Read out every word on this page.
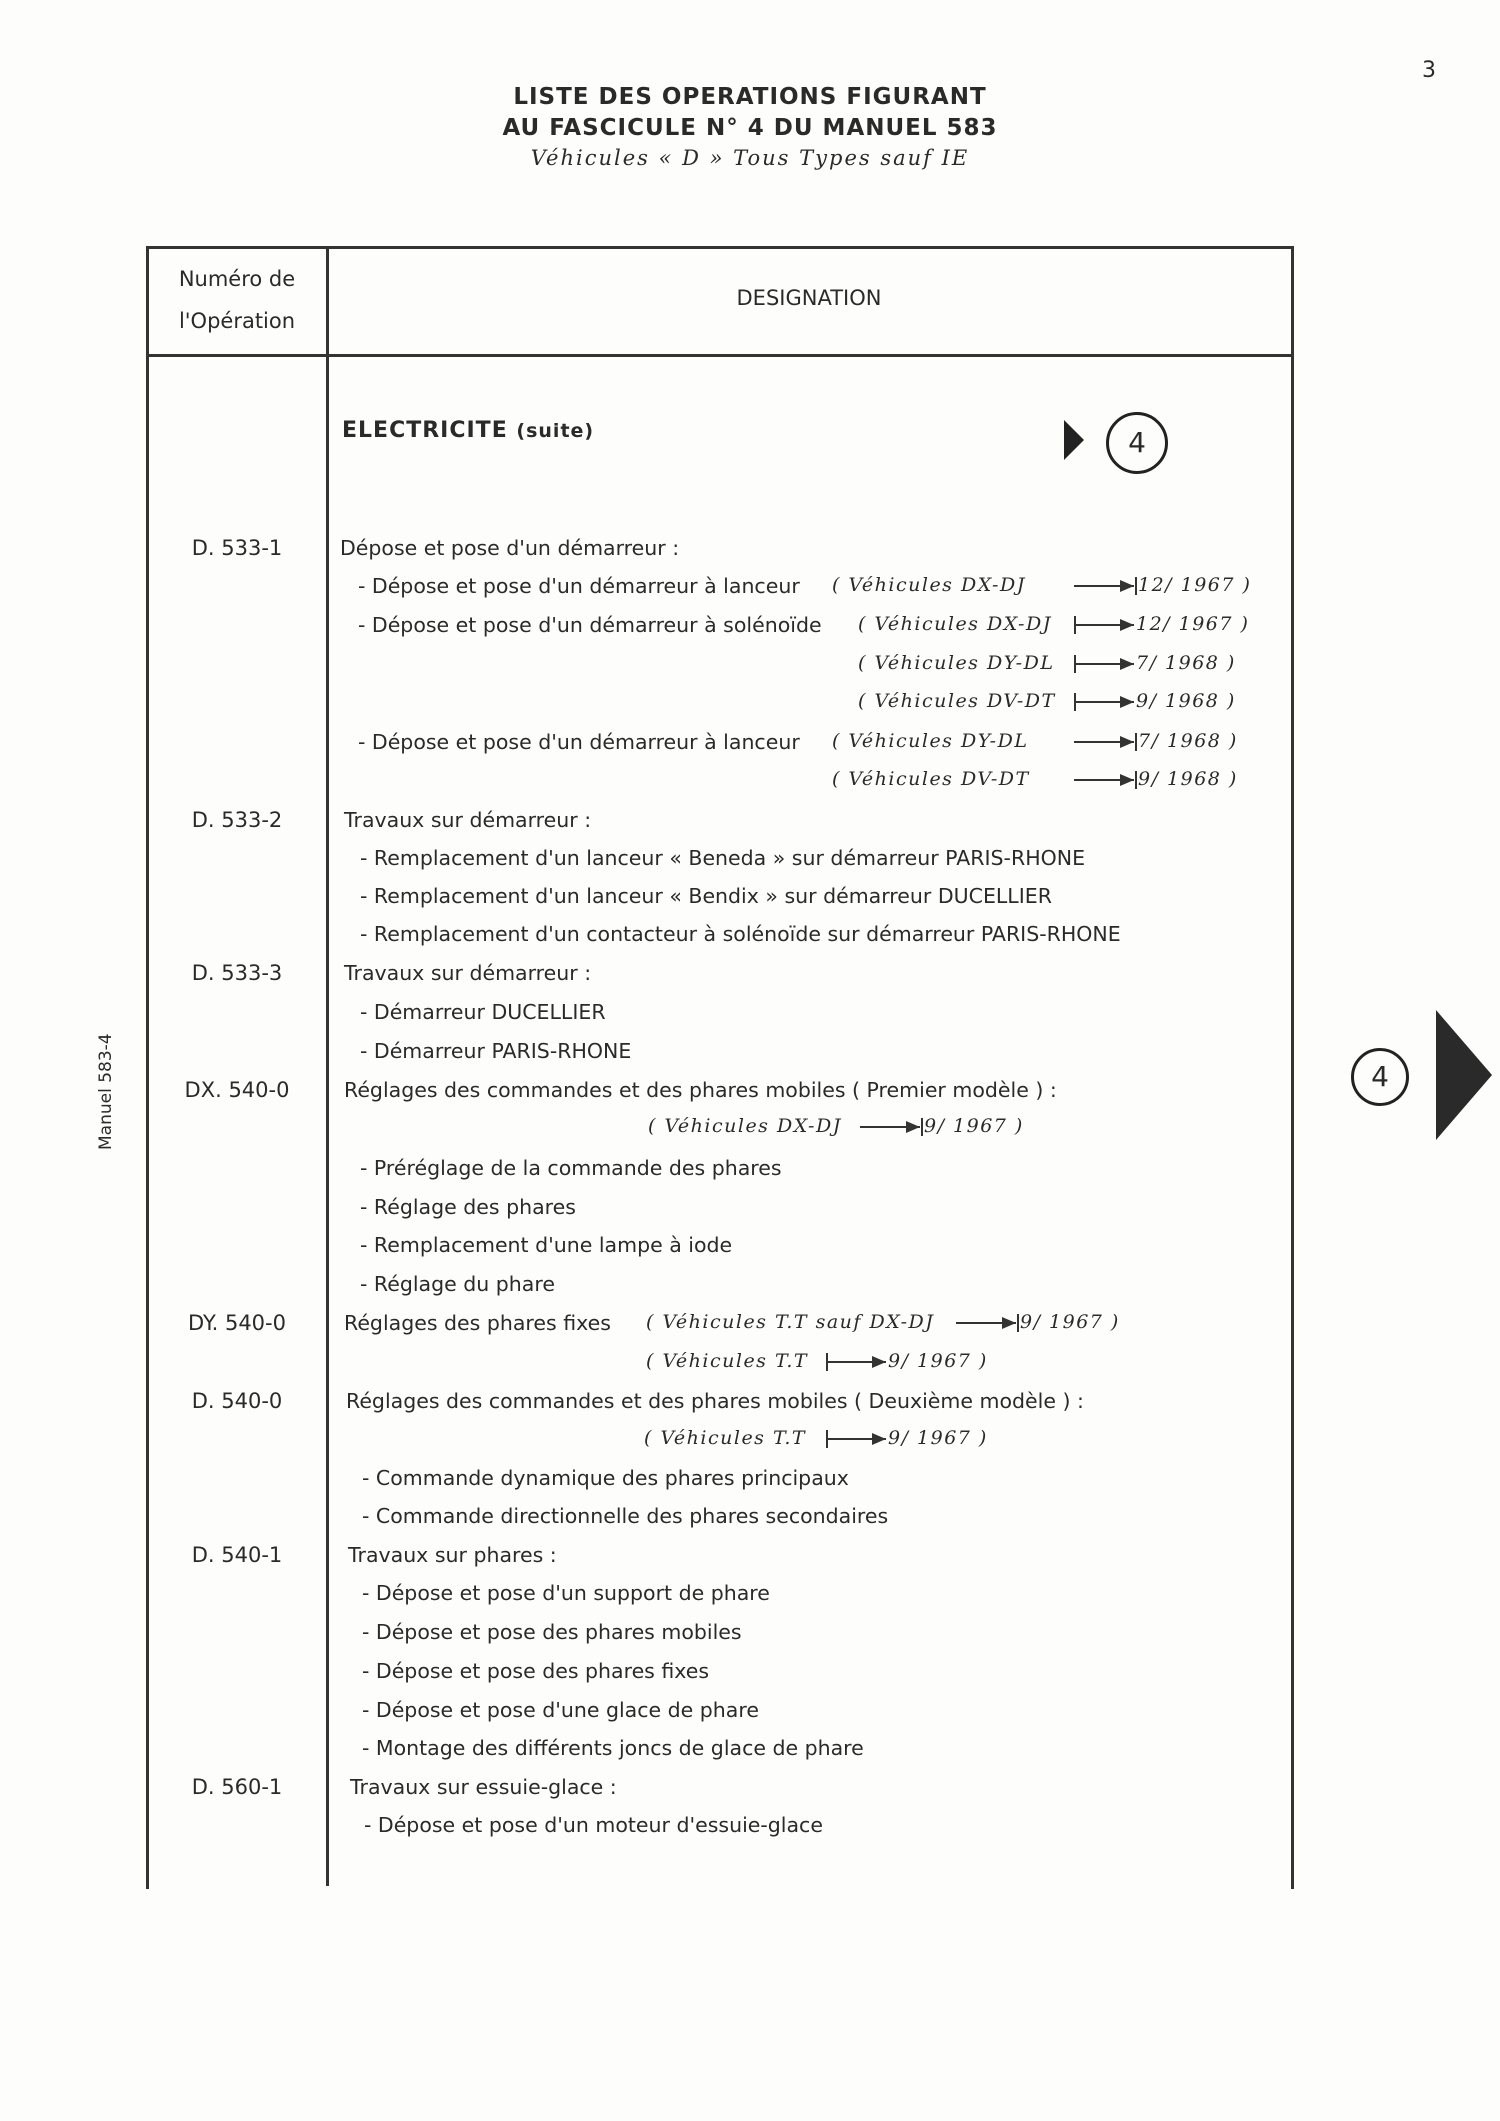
3
LISTE DES OPERATIONS FIGURANT
AU FASCICULE N° 4 DU MANUEL 583
Véhicules « D » Tous Types sauf IE
Numéro de
l'Opération
DESIGNATION
ELECTRICITE (suite)	4
Manuel 583-4	4
D. 533-1	Dépose et pose d'un démarreur :
- Dépose et pose d'un démarreur à lanceur ( Véhicules DX-DJ	12/ 1967 )
- Dépose et pose d'un démarreur à solénoïde ( Véhicules DX-DJ	12/ 1967 )
( Véhicules DY-DL	7/ 1968 )
( Véhicules DV-DT	9/ 1968 )
- Dépose et pose d'un démarreur à lanceur ( Véhicules DY-DL	7/ 1968 )
( Véhicules DV-DT	9/ 1968 )
D. 533-2	Travaux sur démarreur :
- Remplacement d'un lanceur « Beneda » sur démarreur PARIS-RHONE
- Remplacement d'un lanceur « Bendix » sur démarreur DUCELLIER
- Remplacement d'un contacteur à solénoïde sur démarreur PARIS-RHONE
D. 533-3	Travaux sur démarreur :
- Démarreur DUCELLIER
- Démarreur PARIS-RHONE
DX. 540-0	Réglages des commandes et des phares mobiles ( Premier modèle ) :
( Véhicules DX-DJ	9/ 1967 )
- Préréglage de la commande des phares
- Réglage des phares
- Remplacement d'une lampe à iode
- Réglage du phare
DY. 540-0	Réglages des phares fixes ( Véhicules T.T sauf DX-DJ	9/ 1967 )
( Véhicules T.T	9/ 1967 )
D. 540-0	Réglages des commandes et des phares mobiles ( Deuxième modèle ) :
( Véhicules T.T	9/ 1967 )
- Commande dynamique des phares principaux
- Commande directionnelle des phares secondaires
D. 540-1	Travaux sur phares :
- Dépose et pose d'un support de phare
- Dépose et pose des phares mobiles
- Dépose et pose des phares fixes
- Dépose et pose d'une glace de phare
- Montage des différents joncs de glace de phare
D. 560-1	Travaux sur essuie-glace :
- Dépose et pose d'un moteur d'essuie-glace
